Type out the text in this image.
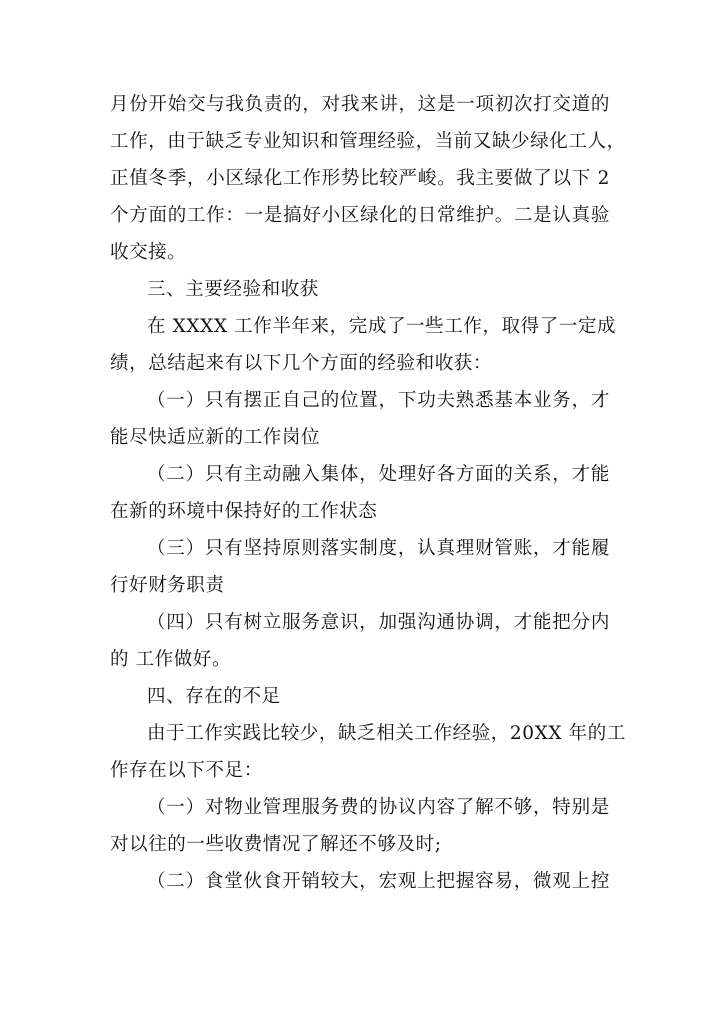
月份开始交与我负责的，对我来讲，这是一项初次打交道的
工作，由于缺乏专业知识和管理经验，当前又缺少绿化工人，
正值冬季，小区绿化工作形势比较严峻。我主要做了以下 2
个方面的工作：一是搞好小区绿化的日常维护。二是认真验
收交接。
三、主要经验和收获
在 XXXX 工作半年来，完成了一些工作，取得了一定成
绩，总结起来有以下几个方面的经验和收获：
（一）只有摆正自己的位置，下功夫熟悉基本业务，才
能尽快适应新的工作岗位
（二）只有主动融入集体，处理好各方面的关系，才能
在新的环境中保持好的工作状态
（三）只有坚持原则落实制度，认真理财管账，才能履
行好财务职责
（四）只有树立服务意识，加强沟通协调，才能把分内
的 工作做好。
四、存在的不足
由于工作实践比较少，缺乏相关工作经验，20XX 年的工
作存在以下不足：
（一）对物业管理服务费的协议内容了解不够，特别是
对以往的一些收费情况了解还不够及时;
（二）食堂伙食开销较大，宏观上把握容易，微观上控
